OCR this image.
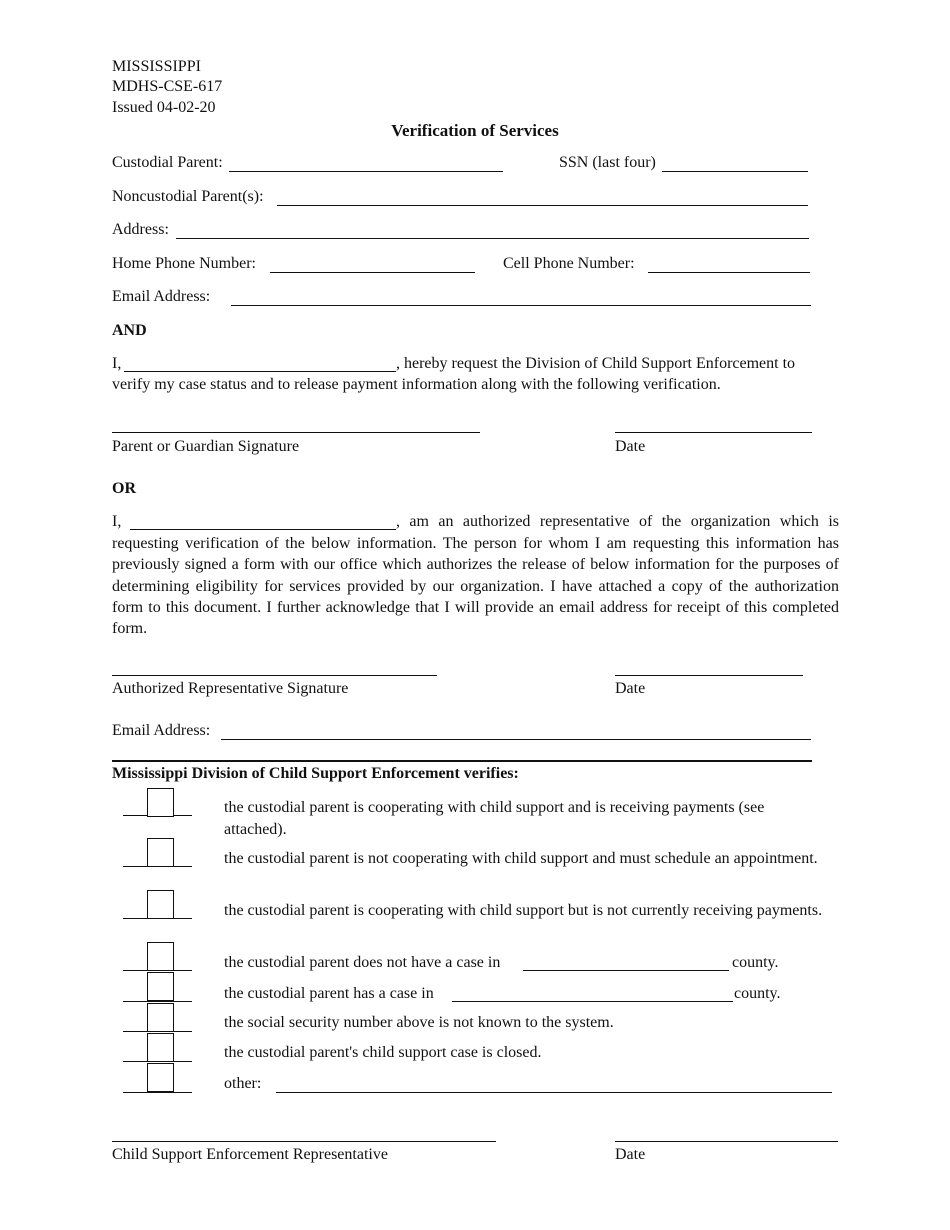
MISSISSIPPI
MDHS-CSE-617
Issued 04-02-20
Verification of Services
Custodial Parent:	SSN (last four)
Noncustodial Parent(s):
Address:
Home Phone Number:	Cell Phone Number:
Email Address:
AND
I,	, hereby request the Division of Child Support Enforcement to
verify my case status and to release payment information along with the following verification.
Parent or Guardian Signature	Date
OR
I,	, am an authorized representative of the organization which is
requesting verification of the below information. The person for whom I am requesting this information has previously signed a form with our office which authorizes the release of below information for the purposes of determining eligibility for services provided by our organization. I have attached a copy of the authorization form to this document. I further acknowledge that I will provide an email address for receipt of this completed form.
Authorized Representative Signature	Date
Email Address:
Mississippi Division of Child Support Enforcement verifies:
the custodial parent is cooperating with child support and is receiving payments (see attached).
the custodial parent is not cooperating with child support and must schedule an appointment.
the custodial parent is cooperating with child support but is not currently receiving payments.
the custodial parent does not have a case in	county.
the custodial parent has a case in	county.
the social security number above is not known to the system.
the custodial parent's child support case is closed.
other:
Child Support Enforcement Representative	Date
